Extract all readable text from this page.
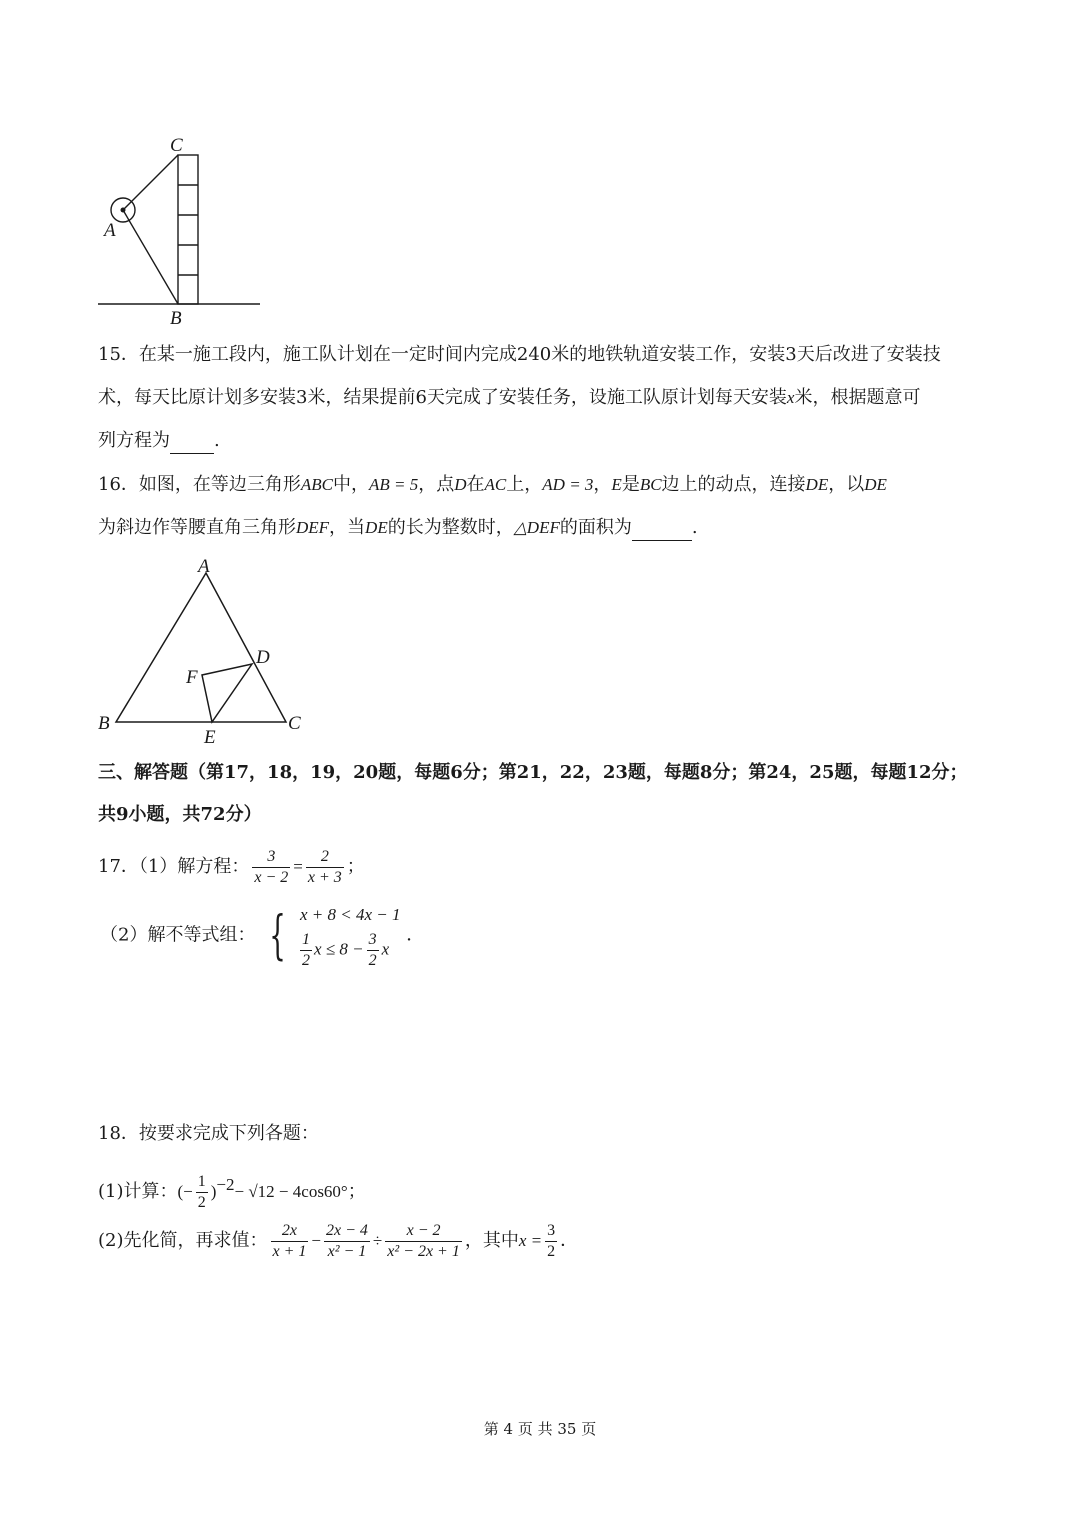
C
A
B
15．在某一施工段内，施工队计划在一定时间内完成240米的地铁轨道安装工作，安装3天后改进了安装技
术，每天比原计划多安装3米，结果提前6天完成了安装任务，设施工队原计划每天安装x米，根据题意可
列方程为 .
16．如图，在等边三角形ABC中，AB = 5，点D在AC上，AD = 3，E是BC边上的动点，连接DE，以DE
为斜边作等腰直角三角形DEF，当DE的长为整数时，△DEF的面积为	.
A
B	C
D
E
F
三、解答题（第17，18，19，20题，每题6分；第21，22，23题，每题8分；第24，25题，每题12分；
共9小题，共72分）
17．（1）解方程： $\frac{3}{x - 2} = \frac{2}{x + 3}$ ；
（2）解不等式组： { x + 8 < 4x − 1
$\frac{1}{2}$ $x \le 8 - \frac{3}{2}$ x
．
18．按要求完成下列各题：
(1)计算：(− $\frac{1}{2} )^{-2}- √12 - 4\cos 60^\circ$；
(2)先化简，再求值： $\frac{2x}{x + 1} - \frac{2x - 4}{\text{x² − 1}} \div \frac{x - 2}{\text{x² − 2x + 1}}$ ，其中$x = \frac{3}{2}$ ．
第 4 页 共 35 页
